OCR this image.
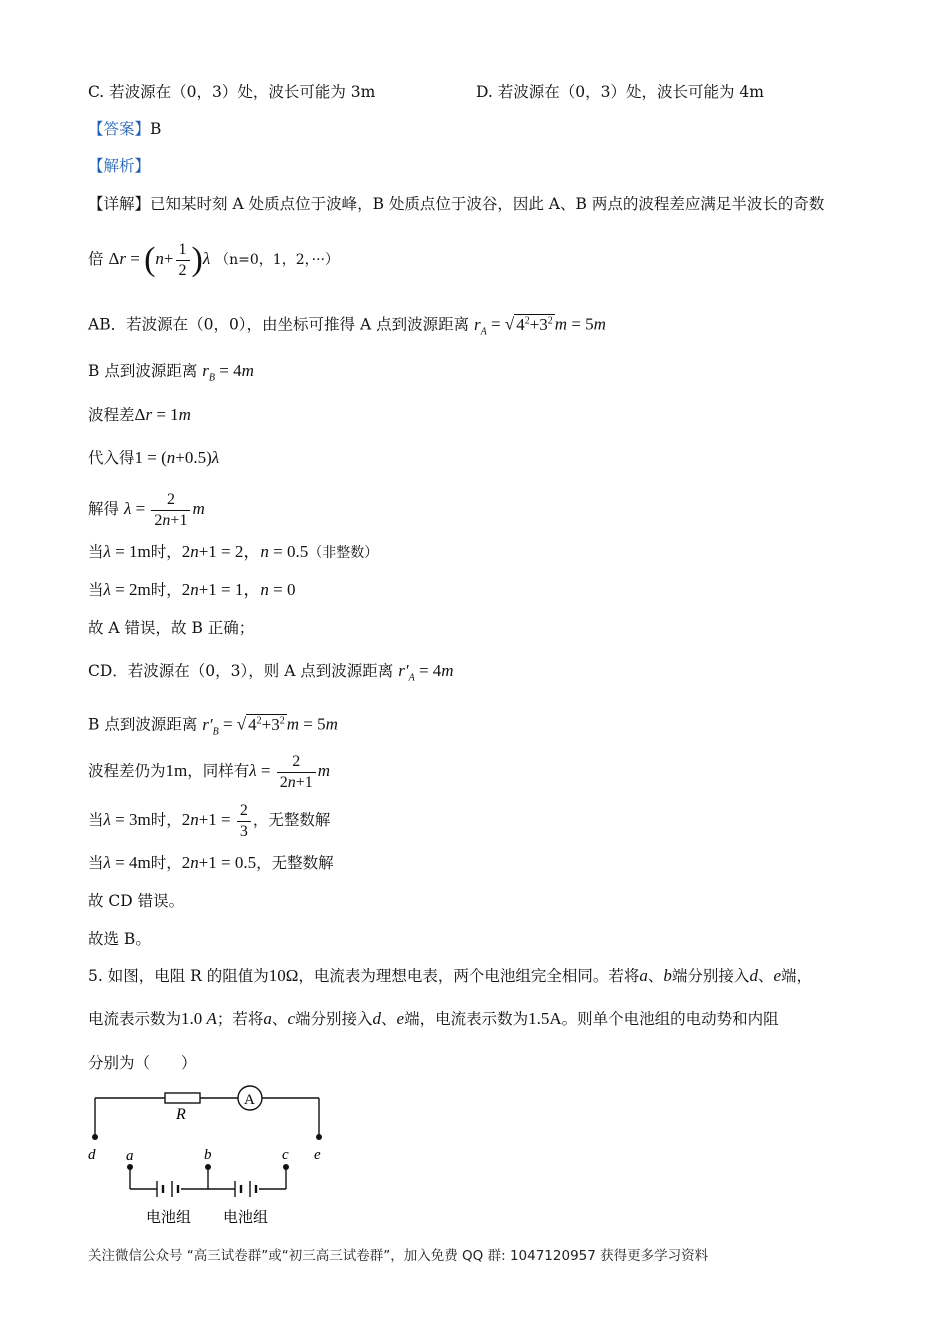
C. 若波源在（0，3）处，波长可能为 3m	D. 若波源在（0，3）处，波长可能为 4m
【答案】B
【解析】
【详解】已知某时刻 A 处质点位于波峰，B 处质点位于波谷，因此 A、B 两点的波程差应满足半波长的奇数
倍 $\Delta r = (n+ \frac{1}{2} )\lambda$ （n=0，1，2，···）
AB．若波源在（0，0），由坐标可推得 A 点到波源距离 $r_A$ = √ $4^2+3^2$ m = 5m
B 点到波源距离 $r_B = 4m$
波程差Δr = 1m
代入得1 = (n+0.5)λ
解得 $\lambda = \frac{2}{2n+1}$ m
当λ = 1m时，2n+1 = 2，n = 0.5（非整数）
当λ = 2m时，2n+1 = 1，n = 0
故 A 错误，故 B 正确；
CD．若波源在（0，3），则 A 点到波源距离 $r'_A = 4m$
B 点到波源距离 $r'_B$ = √ $4^2+3^2$ m = 5m
波程差仍为1m，同样有$\lambda = \frac{2}{2n+1}$ m
当λ = 3m时，$2n+1 = \frac{2}{3}$ ，无整数解
当λ = 4m时，2n+1 = 0.5，无整数解
故 CD 错误。
故选 B。
5. 如图，电阻 R 的阻值为10Ω，电流表为理想电表，两个电池组完全相同。若将a、b端分别接入d、e端，
电流表示数为1.0 A；若将a、c端分别接入d、e端，电流表示数为1.5A。则单个电池组的电动势和内阻
分别为（　　）
R
A
d	e
a	b	c
电池组 电池组
关注微信公众号 “高三试卷群”或“初三高三试卷群”，加入免费 QQ 群: 1047120957 获得更多学习资料
